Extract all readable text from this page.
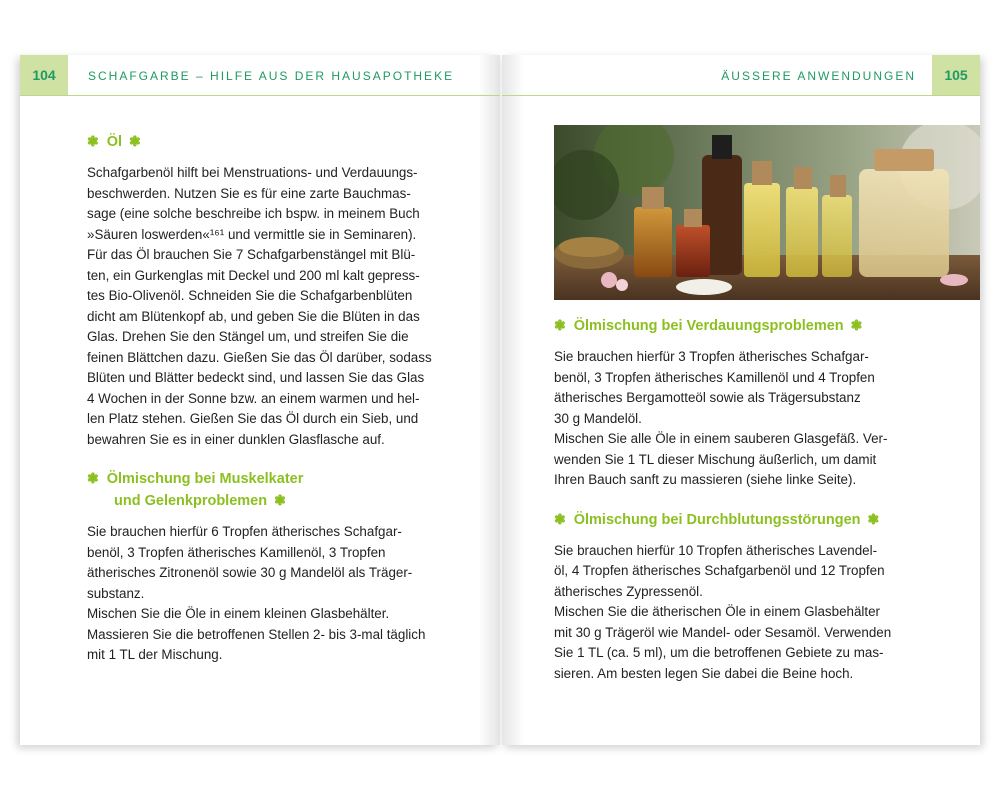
104	SCHAFGARBE – HILFE AUS DER HAUSAPOTHEKE
❃ Öl ❃

Schafgarbenöl hilft bei Menstruations- und Verdauungs-
beschwerden. Nutzen Sie es für eine zarte Bauchmas-
sage (eine solche beschreibe ich bspw. in meinem Buch
»Säuren loswerden«¹⁶¹ und vermittle sie in Seminaren).
Für das Öl brauchen Sie 7 Schafgarbenstängel mit Blü-
ten, ein Gurkenglas mit Deckel und 200 ml kalt gepress-
tes Bio-Olivenöl. Schneiden Sie die Schafgarbenblüten
dicht am Blütenkopf ab, und geben Sie die Blüten in das
Glas. Drehen Sie den Stängel um, und streifen Sie die
feinen Blättchen dazu. Gießen Sie das Öl darüber, sodass
Blüten und Blätter bedeckt sind, und lassen Sie das Glas
4 Wochen in der Sonne bzw. an einem warmen und hel-
len Platz stehen. Gießen Sie das Öl durch ein Sieb, und
bewahren Sie es in einer dunklen Glasflasche auf.

❃ Ölmischung bei Muskelkater
und Gelenkproblemen ❃

Sie brauchen hierfür 6 Tropfen ätherisches Schafgar-
benöl, 3 Tropfen ätherisches Kamillenöl, 3 Tropfen
ätherisches Zitronenöl sowie 30 g Mandelöl als Träger-
substanz.
Mischen Sie die Öle in einem kleinen Glasbehälter.
Massieren Sie die betroffenen Stellen 2- bis 3-mal täglich
mit 1 TL der Mischung.

ÄUSSERE ANWENDUNGEN	105
❃ Ölmischung bei Verdauungsproblemen ❃

Sie brauchen hierfür 3 Tropfen ätherisches Schafgar-
benöl, 3 Tropfen ätherisches Kamillenöl und 4 Tropfen
ätherisches Bergamotteöl sowie als Trägersubstanz
30 g Mandelöl.
Mischen Sie alle Öle in einem sauberen Glasgefäß. Ver-
wenden Sie 1 TL dieser Mischung äußerlich, um damit
Ihren Bauch sanft zu massieren (siehe linke Seite).

❃ Ölmischung bei Durchblutungsstörungen ❃

Sie brauchen hierfür 10 Tropfen ätherisches Lavendel-
öl, 4 Tropfen ätherisches Schafgarbenöl und 12 Tropfen
ätherisches Zypressenöl.
Mischen Sie die ätherischen Öle in einem Glasbehälter
mit 30 g Trägeröl wie Mandel- oder Sesamöl. Verwenden
Sie 1 TL (ca. 5 ml), um die betroffenen Gebiete zu mas-
sieren. Am besten legen Sie dabei die Beine hoch.
